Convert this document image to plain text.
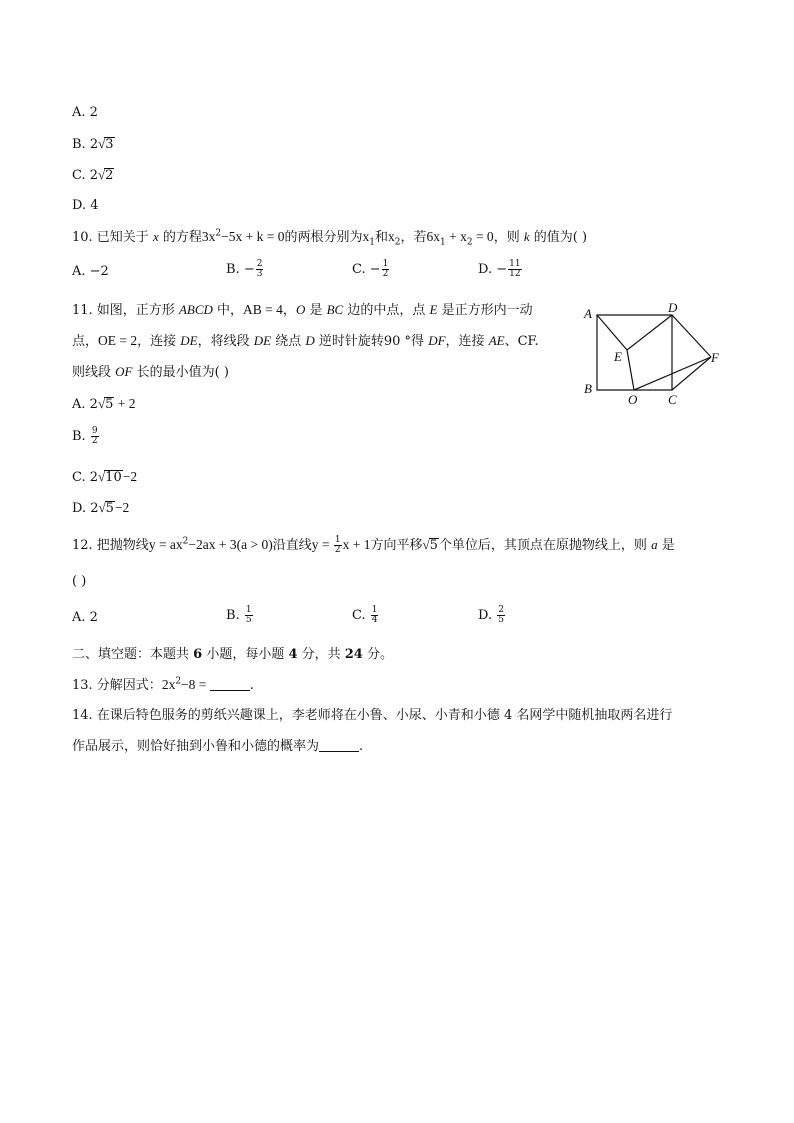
A. 2
B. 2√3
C. 2√2
D. 4
10. 已知关于 x 的方程$3x^2-5x + k = 0$的两根分别为$x_1$和$x_2$，若$6x_1 + x_2 = 0$，则 k 的值为( )
A. −2	B. − $\frac{2}{3}$	C. − $\frac{1}{2}$	D. − $\frac{11}{12}$
11. 如图，正方形 ABCD 中，AB = 4，O 是 BC 边的中点，点 E 是正方形内一动
点，OE = 2，连接 DE，将线段 DE 绕点 D 逆时针旋转90 °得 DF，连接 AE、CF.
则线段 OF 长的最小值为( )
A. 2√5 + 2
B. $\frac{9}{2}$
C. 2√10−2
D. 2√5−2
A
B
C
D
E	F
O
12. 把抛物线$y = ax^2-2ax + 3(a > 0)$沿直线$y = \frac{1}{2}$ x + 1方向平移√5个单位后，其顶点在原抛物线上，则 a 是
( )
A. 2	B. $\frac{1}{5}$	C. $\frac{1}{4}$	D. $\frac{2}{5}$
二、填空题：本题共 6 小题，每小题 4 分，共 24 分。
13. 分解因式：$2x^2-8$ =	.
14. 在课后特色服务的剪纸兴趣课上，李老师将在小鲁、小尿、小青和小德 4 名网学中随机抽取两名进行
作品展示，则恰好抽到小鲁和小德的概率为	.
